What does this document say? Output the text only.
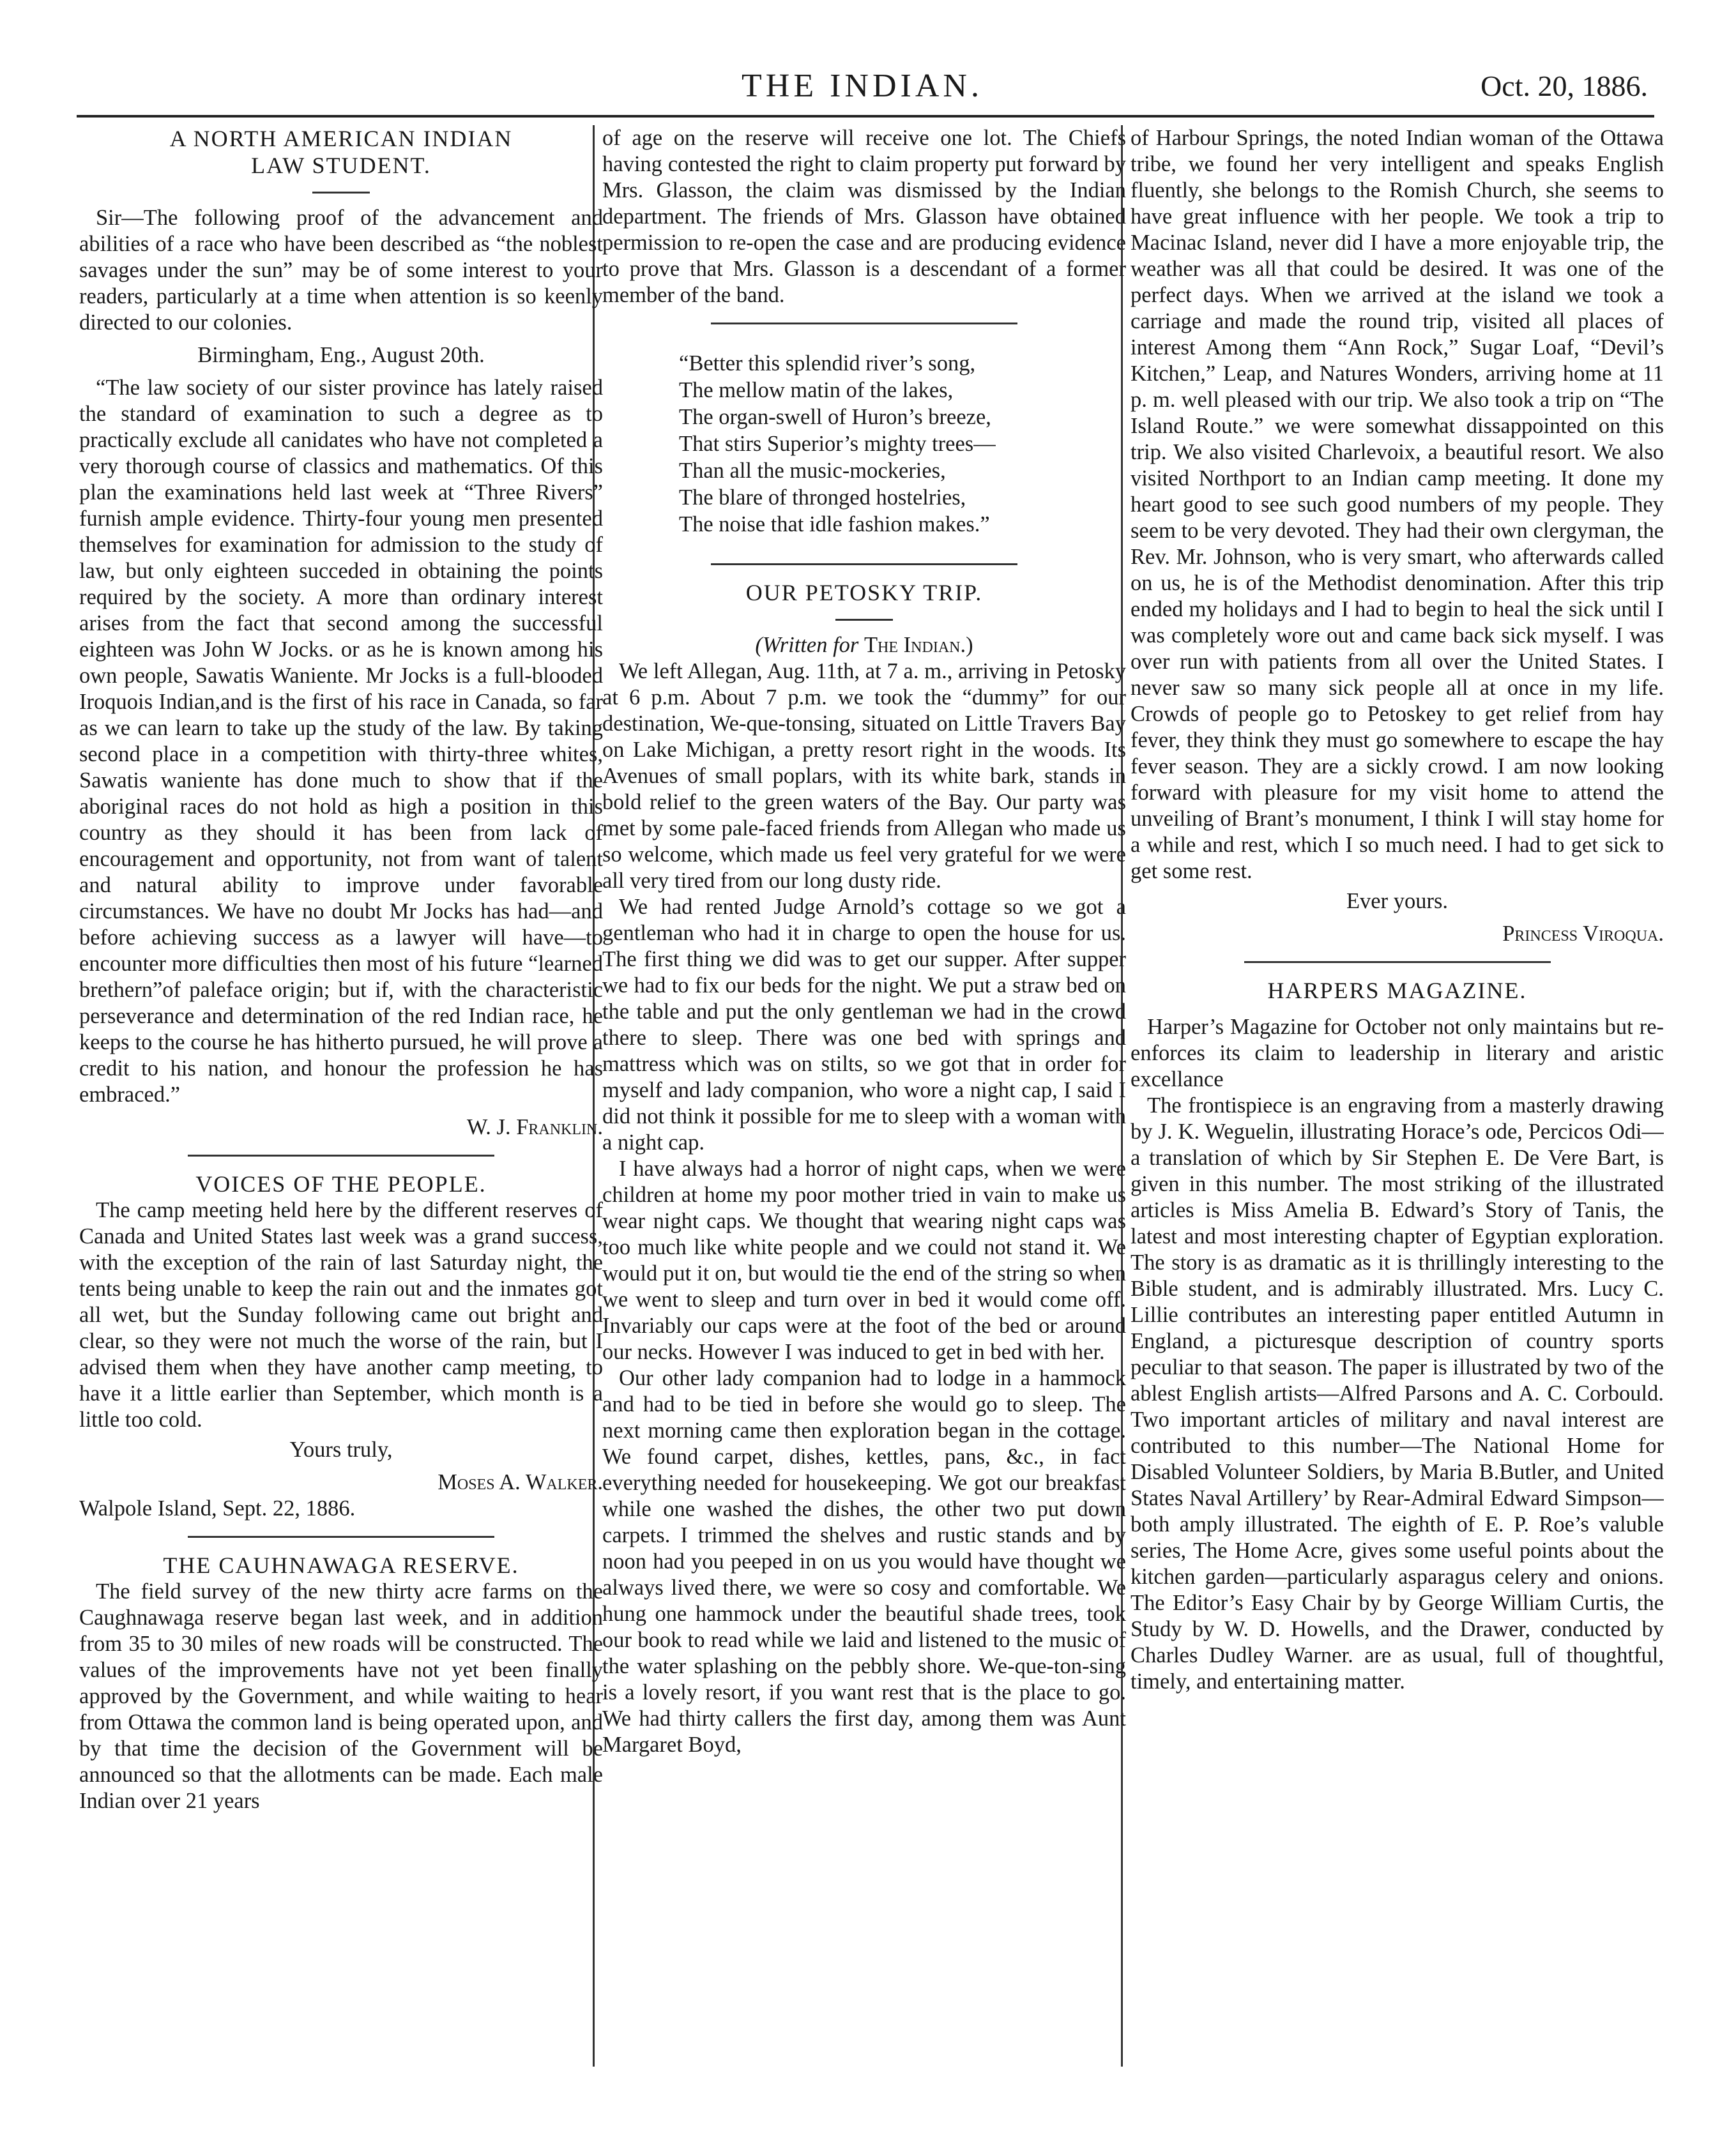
THE INDIAN.	Oct. 20, 1886.
A NORTH AMERICAN INDIAN
LAW STUDENT.

Sir—The following proof of the advancement and abilities of a race who have been described as “the noblest savages under the sun” may be of some interest to your readers, particularly at a time when attention is so keenly directed to our colonies.

Birmingham, Eng., August 20th.

“The law society of our sister province has lately raised the standard of examination to such a degree as to practically exclude all canidates who have not completed a very thorough course of classics and mathematics. Of this plan the examinations held last week at “Three Rivers” furnish ample evidence. Thirty-four young men presented themselves for examination for admission to the study of law, but only eighteen succeded in obtaining the points required by the society. A more than ordinary interest arises from the fact that second among the successful eighteen was John W Jocks. or as he is known among his own people, Sawatis Waniente. Mr Jocks is a full-blooded Iroquois Indian,and is the first of his race in Canada, so far as we can learn to take up the study of the law. By taking second place in a competition with thirty-three whites, Sawatis waniente has done much to show that if the aboriginal races do not hold as high a position in this country as they should it has been from lack of encouragement and opportunity, not from want of talent and natural ability to improve under favorable circumstances. We have no doubt Mr Jocks has had—and before achieving success as a lawyer will have—to encounter more difficulties then most of his future “learned brethern”of paleface origin; but if, with the characteristic perseverance and determination of the red Indian race, he keeps to the course he has hitherto pursued, he will prove a credit to his nation, and honour the profession he has embraced.”

W. J. Franklin.
VOICES OF THE PEOPLE.

The camp meeting held here by the different reserves of Canada and United States last week was a grand success, with the exception of the rain of last Saturday night, the tents being unable to keep the rain out and the inmates got all wet, but the Sunday following came out bright and clear, so they were not much the worse of the rain, but I advised them when they have another camp meeting, to have it a little earlier than September, which month is a little too cold.

Yours truly,
Moses A. Walker.

Walpole Island, Sept. 22, 1886.

THE CAUHNAWAGA RESERVE.

The field survey of the new thirty acre farms on the Caughnawaga reserve began last week, and in addition from 35 to 30 miles of new roads will be constructed. The values of the improvements have not yet been finally approved by the Government, and while waiting to hear from Ottawa the common land is being operated upon, and by that time the decision of the Government will be announced so that the allotments can be made. Each male Indian over 21 years

of age on the reserve will receive one lot. The Chiefs having contested the right to claim property put forward by Mrs. Glasson, the claim was dismissed by the Indian department. The friends of Mrs. Glasson have obtained permission to re-open the case and are producing evidence to prove that Mrs. Glasson is a descendant of a former member of the band.

“Better this splendid river’s song,
The mellow matin of the lakes,
The organ-swell of Huron’s breeze,
That stirs Superior’s mighty trees—
Than all the music-mockeries,
The blare of thronged hostelries,
The noise that idle fashion makes.”
OUR PETOSKY TRIP.
(Written for The Indian.)

We left Allegan, Aug. 11th, at 7 a. m., arriving in Petosky at 6 p.m. About 7 p.m. we took the “dummy” for our destination, We-que-tonsing, situated on Little Travers Bay on Lake Michigan, a pretty resort right in the woods. Its Avenues of small poplars, with its white bark, stands in bold relief to the green waters of the Bay. Our party was met by some pale-faced friends from Allegan who made us so welcome, which made us feel very grateful for we were all very tired from our long dusty ride.

We had rented Judge Arnold’s cottage so we got a gentleman who had it in charge to open the house for us. The first thing we did was to get our supper. After supper we had to fix our beds for the night. We put a straw bed on the table and put the only gentleman we had in the crowd there to sleep. There was one bed with springs and mattress which was on stilts, so we got that in order for myself and lady companion, who wore a night cap, I said I did not think it possible for me to sleep with a woman with a night cap.

I have always had a horror of night caps, when we were children at home my poor mother tried in vain to make us wear night caps. We thought that wearing night caps was too much like white people and we could not stand it. We would put it on, but would tie the end of the string so when we went to sleep and turn over in bed it would come off. Invariably our caps were at the foot of the bed or around our necks. However I was induced to get in bed with her.

Our other lady companion had to lodge in a hammock and had to be tied in before she would go to sleep. The next morning came then exploration began in the cottage. We found carpet, dishes, kettles, pans, &c., in fact everything needed for housekeeping. We got our breakfast while one washed the dishes, the other two put down carpets. I trimmed the shelves and rustic stands and by noon had you peeped in on us you would have thought we always lived there, we were so cosy and comfortable. We hung one hammock under the beautiful shade trees, took our book to read while we laid and listened to the music of the water splashing on the pebbly shore. We-que-ton-sing is a lovely resort, if you want rest that is the place to go. We had thirty callers the first day, among them was Aunt Margaret Boyd,

of Harbour Springs, the noted Indian woman of the Ottawa tribe, we found her very intelligent and speaks English fluently, she belongs to the Romish Church, she seems to have great influence with her people. We took a trip to Macinac Island, never did I have a more enjoyable trip, the weather was all that could be desired. It was one of the perfect days. When we arrived at the island we took a carriage and made the round trip, visited all places of interest Among them “Ann Rock,” Sugar Loaf, “Devil’s Kitchen,” Leap, and Natures Wonders, arriving home at 11 p. m. well pleased with our trip. We also took a trip on “The Island Route.” we were somewhat dissappointed on this trip. We also visited Charlevoix, a beautiful resort. We also visited Northport to an Indian camp meeting. It done my heart good to see such good numbers of my people. They seem to be very devoted. They had their own clergyman, the Rev. Mr. Johnson, who is very smart, who afterwards called on us, he is of the Methodist denomination. After this trip ended my holidays and I had to begin to heal the sick until I was completely wore out and came back sick myself. I was over run with patients from all over the United States. I never saw so many sick people all at once in my life. Crowds of people go to Petoskey to get relief from hay fever, they think they must go somewhere to escape the hay fever season. They are a sickly crowd. I am now looking forward with pleasure for my visit home to attend the unveiling of Brant’s monument, I think I will stay home for a while and rest, which I so much need. I had to get sick to get some rest.

Ever yours.
Princess Viroqua.
HARPERS MAGAZINE.

Harper’s Magazine for October not only maintains but re-enforces its claim to leadership in literary and aristic excellance

The frontispiece is an engraving from a masterly drawing by J. K. Weguelin, illustrating Horace’s ode, Percicos Odi—a translation of which by Sir Stephen E. De Vere Bart, is given in this number. The most striking of the illustrated articles is Miss Amelia B. Edward’s Story of Tanis, the latest and most interesting chapter of Egyptian exploration. The story is as dramatic as it is thrillingly interesting to the Bible student, and is admirably illustrated. Mrs. Lucy C. Lillie contributes an interesting paper entitled Autumn in England, a picturesque description of country sports peculiar to that season. The paper is illustrated by two of the ablest English artists—Alfred Parsons and A. C. Corbould. Two important articles of military and naval interest are contributed to this number—The National Home for Disabled Volunteer Soldiers, by Maria B.Butler, and United States Naval Artillery’ by Rear-Admiral Edward Simpson—both amply illustrated. The eighth of E. P. Roe’s valuble series, The Home Acre, gives some useful points about the kitchen garden—particularly asparagus celery and onions. The Editor’s Easy Chair by by George William Curtis, the Study by W. D. Howells, and the Drawer, conducted by Charles Dudley Warner. are as usual, full of thoughtful, timely, and entertaining matter.
